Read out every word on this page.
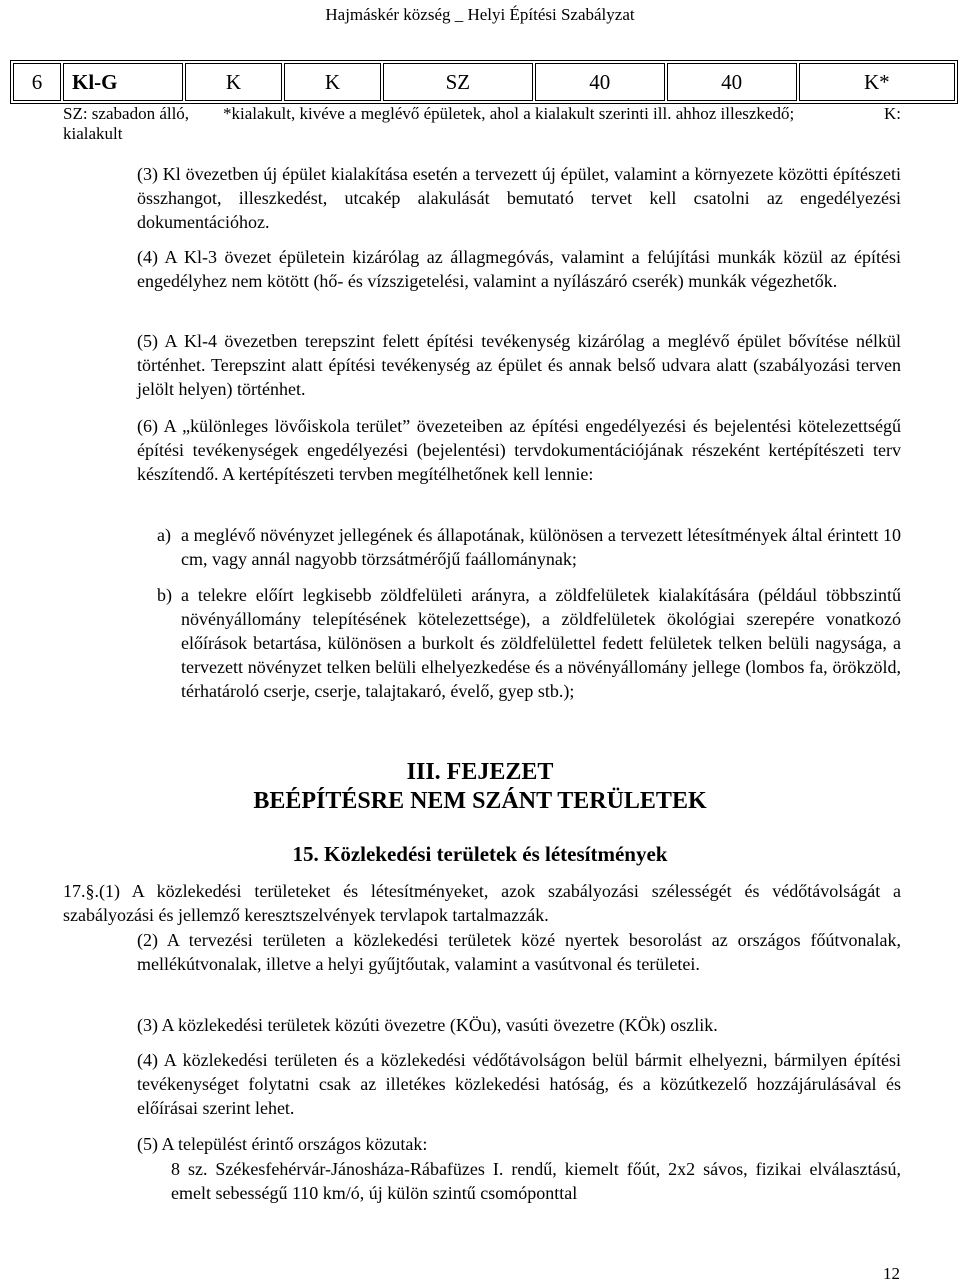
Hajmáskér község _ Helyi Építési Szabályzat
6	Kl-G	K	K	SZ	40	40	K*
SZ: szabadon álló,
kialakult
*kialakult, kivéve a meglévő épületek, ahol a kialakult szerinti ill. ahhoz illeszkedő;	K:
(3) Kl övezetben új épület kialakítása esetén a tervezett új épület, valamint a környezete közötti építészeti összhangot, illeszkedést, utcakép alakulását bemutató tervet kell csatolni az engedélyezési dokumentációhoz.
(4) A Kl-3 övezet épületein kizárólag az állagmegóvás, valamint a felújítási munkák közül az építési engedélyhez nem kötött (hő- és vízszigetelési, valamint a nyílászáró cserék) munkák végezhetők.
(5) A Kl-4 övezetben terepszint felett építési tevékenység kizárólag a meglévő épület bővítése nélkül történhet. Terepszint alatt építési tevékenység az épület és annak belső udvara alatt (szabályozási terven jelölt helyen) történhet.
(6) A „különleges lövőiskola terület” övezeteiben az építési engedélyezési és bejelentési kötelezettségű építési tevékenységek engedélyezési (bejelentési) tervdokumentációjának részeként kertépítészeti terv készítendő. A kertépítészeti tervben megítélhetőnek kell lennie:
a) a meglévő növényzet jellegének és állapotának, különösen a tervezett létesítmények által érintett 10 cm, vagy annál nagyobb törzsátmérőjű faállománynak;
b) a telekre előírt legkisebb zöldfelületi arányra, a zöldfelületek kialakítására (például többszintű növényállomány telepítésének kötelezettsége), a zöldfelületek ökológiai szerepére vonatkozó előírások betartása, különösen a burkolt és zöldfelülettel fedett felületek telken belüli nagysága, a tervezett növényzet telken belüli elhelyezkedése és a növényállomány jellege (lombos fa, örökzöld, térhatároló cserje, cserje, talajtakaró, évelő, gyep stb.);
III. FEJEZET
BEÉPÍTÉSRE NEM SZÁNT TERÜLETEK
15. Közlekedési területek és létesítmények
17.§.(1) A közlekedési területeket és létesítményeket, azok szabályozási szélességét és védőtávolságát a szabályozási és jellemző keresztszelvények tervlapok tartalmazzák.
(2) A tervezési területen a közlekedési területek közé nyertek besorolást az országos főútvonalak, mellékútvonalak, illetve a helyi gyűjtőutak, valamint a vasútvonal és területei.
(3) A közlekedési területek közúti övezetre (KÖu), vasúti övezetre (KÖk) oszlik.
(4) A közlekedési területen és a közlekedési védőtávolságon belül bármit elhelyezni, bármilyen építési tevékenységet folytatni csak az illetékes közlekedési hatóság, és a közútkezelő hozzájárulásával és előírásai szerint lehet.
(5) A települést érintő országos közutak:
8 sz. Székesfehérvár-Jánosháza-Rábafüzes I. rendű, kiemelt főút, 2x2 sávos, fizikai elválasztású, emelt sebességű 110 km/ó, új külön szintű csomóponttal
12
